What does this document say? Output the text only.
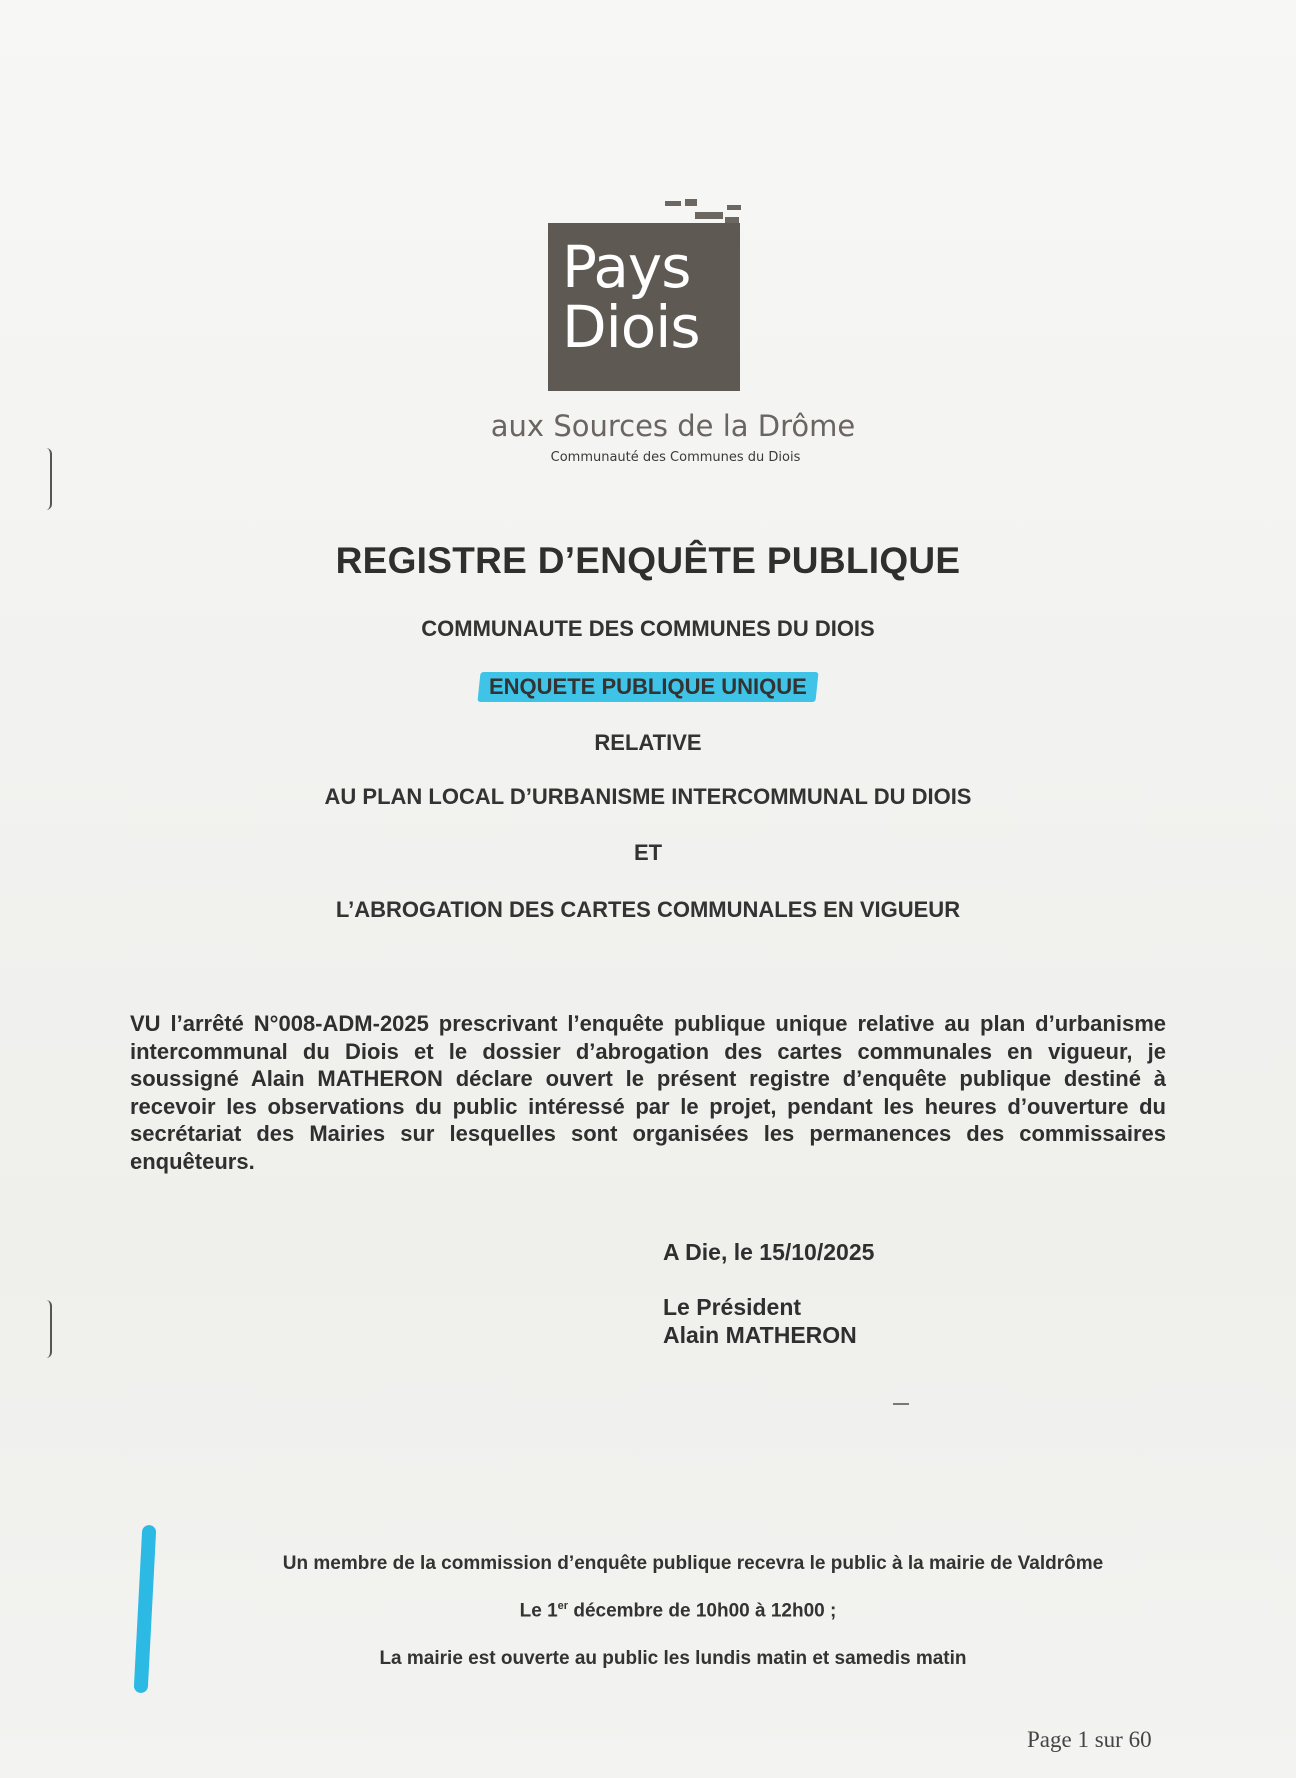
Pays
Diois
aux Sources de la Drôme
Communauté des Communes du Diois
REGISTRE D’ENQUÊTE PUBLIQUE
COMMUNAUTE DES COMMUNES DU DIOIS
ENQUETE PUBLIQUE UNIQUE
RELATIVE
AU PLAN LOCAL D’URBANISME INTERCOMMUNAL DU DIOIS
ET
L’ABROGATION DES CARTES COMMUNALES EN VIGUEUR
VU l’arrêté N°008-ADM-2025 prescrivant l’enquête publique unique relative au plan d’urbanisme intercommunal du Diois et le dossier d’abrogation des cartes communales en vigueur, je soussigné Alain MATHERON déclare ouvert le présent registre d’enquête publique destiné à recevoir les observations du public intéressé par le projet, pendant les heures d’ouverture du secrétariat des Mairies sur lesquelles sont organisées les permanences des commissaires enquêteurs.
A Die, le 15/10/2025
Le Président
Alain MATHERON
Un membre de la commission d’enquête publique recevra le public à la mairie de Valdrôme
Le 1er décembre de 10h00 à 12h00 ;
La mairie est ouverte au public les lundis matin et samedis matin
Page 1 sur 60
